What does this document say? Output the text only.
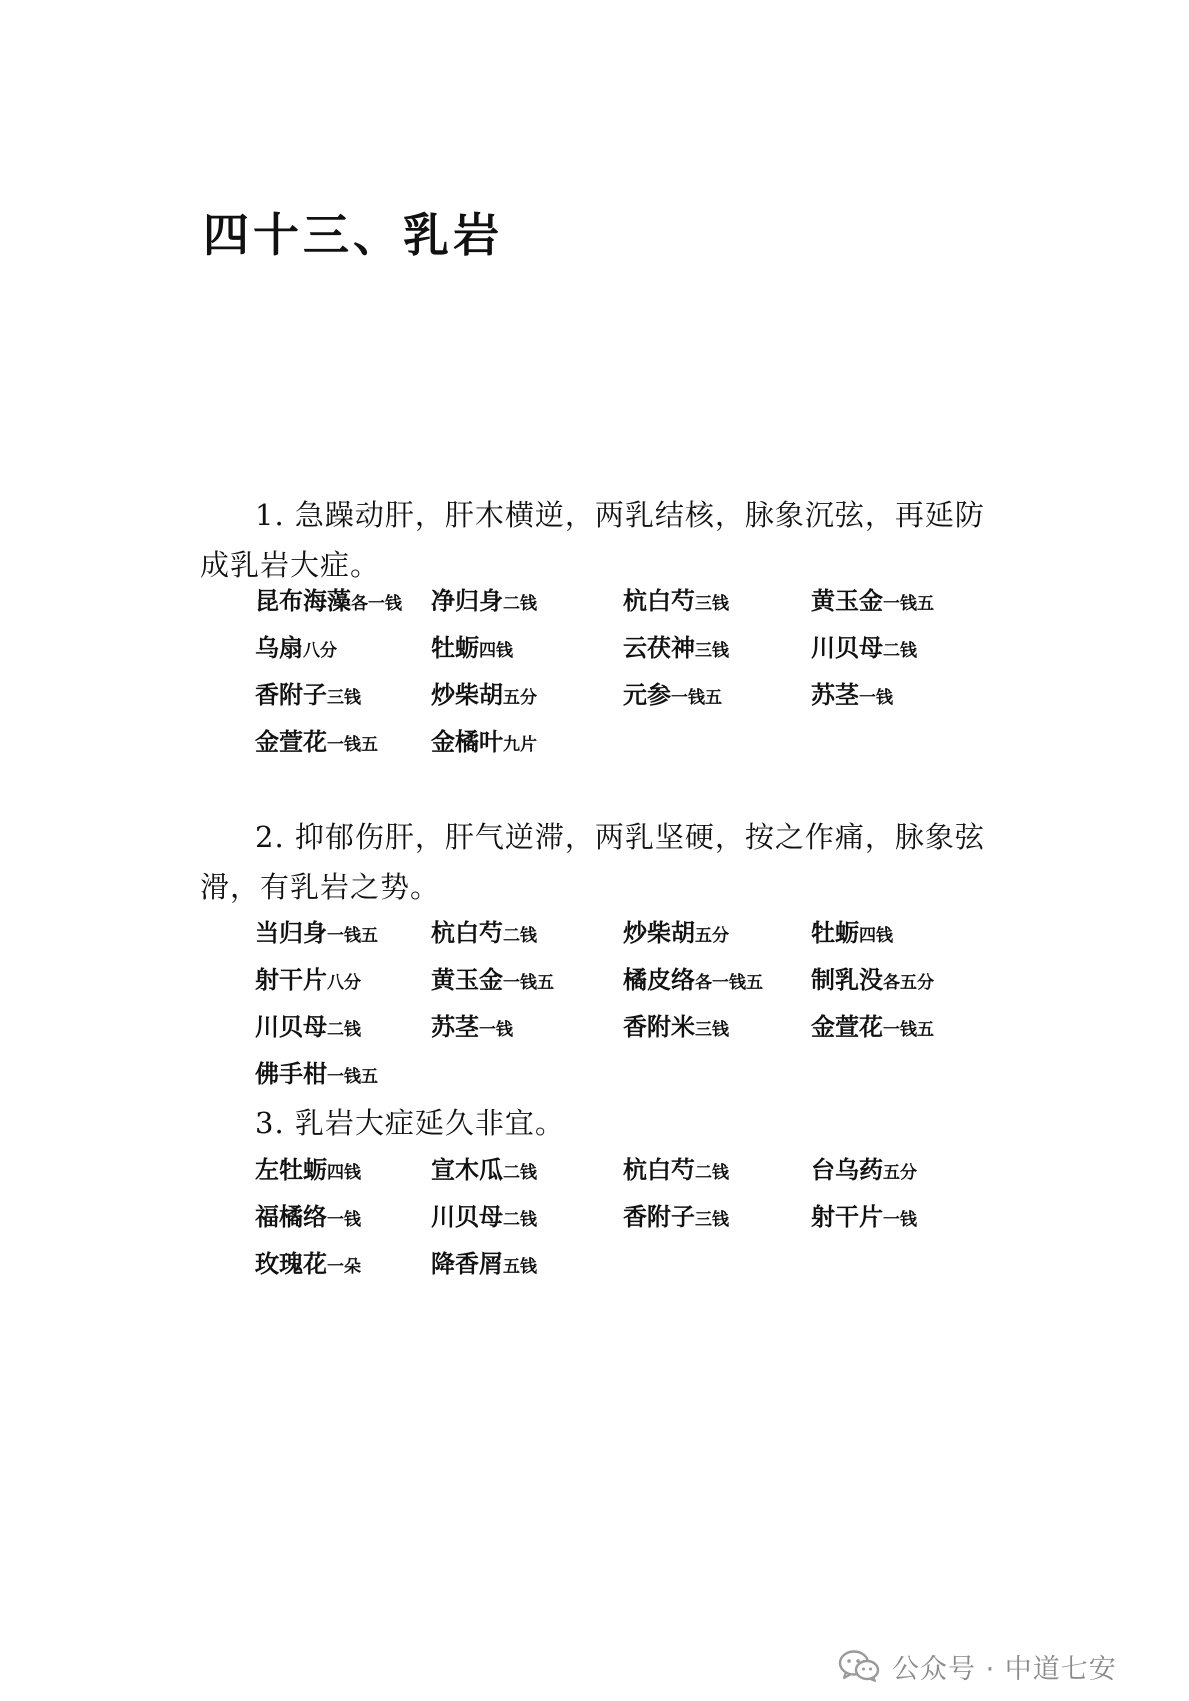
四十三、乳岩

1. 急躁动肝，肝木横逆，两乳结核，脉象沉弦，再延防成乳岩大症。

昆布海藻各一钱 净归身二钱	杭白芍三钱	黄玉金一钱五
乌扇八分	牡蛎四钱	云茯神三钱	川贝母二钱
香附子三钱	炒柴胡五分	元参一钱五	苏茎一钱
金萱花一钱五 金橘叶九片

2. 抑郁伤肝，肝气逆滞，两乳坚硬，按之作痛，脉象弦滑，有乳岩之势。

当归身一钱五 杭白芍二钱	炒柴胡五分	牡蛎四钱
射干片八分	黄玉金一钱五	橘皮络各一钱五 制乳没各五分
川贝母二钱	苏茎一钱	香附米三钱	金萱花一钱五
佛手柑一钱五

3. 乳岩大症延久非宜。

左牡蛎四钱	宣木瓜二钱	杭白芍二钱	台乌药五分
福橘络一钱	川贝母二钱	香附子三钱	射干片一钱
玫瑰花一朵	降香屑五钱
公众号 · 中道七安
